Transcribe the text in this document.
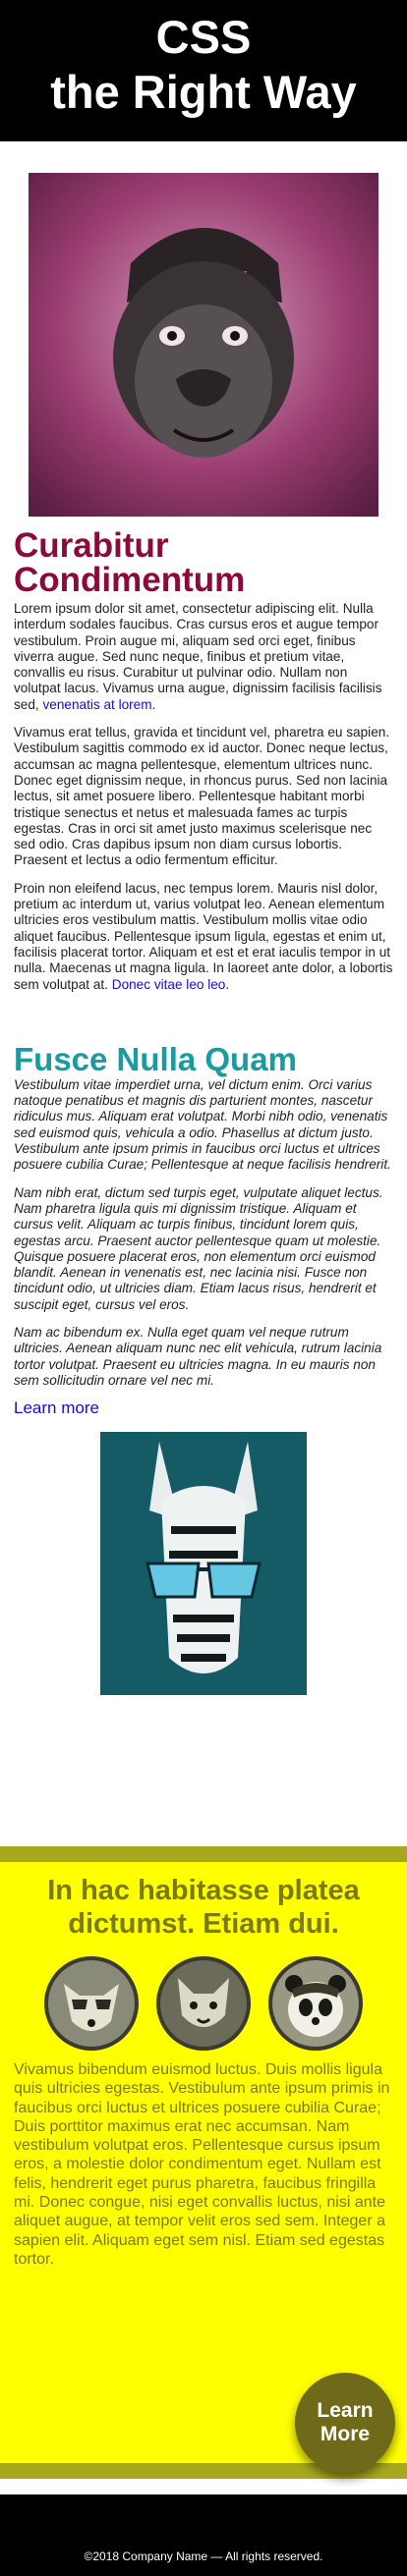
CSS
the Right Way
Curabitur Condimentum

Lorem ipsum dolor sit amet, consectetur adipiscing elit. Nulla interdum sodales faucibus. Cras cursus eros et augue tempor vestibulum. Proin augue mi, aliquam sed orci eget, finibus viverra augue. Sed nunc neque, finibus et pretium vitae, convallis eu risus. Curabitur ut pulvinar odio. Nullam non volutpat lacus. Vivamus urna augue, dignissim facilisis facilisis sed, venenatis at lorem.

Vivamus erat tellus, gravida et tincidunt vel, pharetra eu sapien. Vestibulum sagittis commodo ex id auctor. Donec neque lectus, accumsan ac magna pellentesque, elementum ultrices nunc. Donec eget dignissim neque, in rhoncus purus. Sed non lacinia lectus, sit amet posuere libero. Pellentesque habitant morbi tristique senectus et netus et malesuada fames ac turpis egestas. Cras in orci sit amet justo maximus scelerisque nec sed odio. Cras dapibus ipsum non diam cursus lobortis. Praesent et lectus a odio fermentum efficitur.

Proin non eleifend lacus, nec tempus lorem. Mauris nisl dolor, pretium ac interdum ut, varius volutpat leo. Aenean elementum ultricies eros vestibulum mattis. Vestibulum mollis vitae odio aliquet faucibus. Pellentesque ipsum ligula, egestas et enim ut, facilisis placerat tortor. Aliquam et est et erat iaculis tempor in ut nulla. Maecenas ut magna ligula. In laoreet ante dolor, a lobortis sem volutpat at. Donec vitae leo leo.

Fusce Nulla Quam

Vestibulum vitae imperdiet urna, vel dictum enim. Orci varius natoque penatibus et magnis dis parturient montes, nascetur ridiculus mus. Aliquam erat volutpat. Morbi nibh odio, venenatis sed euismod quis, vehicula a odio. Phasellus at dictum justo. Vestibulum ante ipsum primis in faucibus orci luctus et ultrices posuere cubilia Curae; Pellentesque at neque facilisis hendrerit.

Nam nibh erat, dictum sed turpis eget, vulputate aliquet lectus. Nam pharetra ligula quis mi dignissim tristique. Aliquam et cursus velit. Aliquam ac turpis finibus, tincidunt lorem quis, egestas arcu. Praesent auctor pellentesque quam ut molestie. Quisque posuere placerat eros, non elementum orci euismod blandit. Aenean in venenatis est, nec lacinia nisi. Fusce non tincidunt odio, ut ultricies diam. Etiam lacus risus, hendrerit et suscipit eget, cursus vel eros.

Nam ac bibendum ex. Nulla eget quam vel neque rutrum ultricies. Aenean aliquam nunc nec elit vehicula, rutrum lacinia tortor volutpat. Praesent eu ultricies magna. In eu mauris non sem sollicitudin ornare vel nec mi.

Learn more
In hac habitasse platea dictumst. Etiam dui.

Vivamus bibendum euismod luctus. Duis mollis ligula quis ultricies egestas. Vestibulum ante ipsum primis in faucibus orci luctus et ultrices posuere cubilia Curae; Duis porttitor maximus erat nec accumsan. Nam vestibulum volutpat eros. Pellentesque cursus ipsum eros, a molestie dolor condimentum eget. Nullam est felis, hendrerit eget purus pharetra, faucibus fringilla mi. Donec congue, nisi eget convallis luctus, nisi ante aliquet augue, at tempor velit eros sed sem. Integer a sapien elit. Aliquam eget sem nisl. Etiam sed egestas tortor.

Learn
More
©2018 Company Name — All rights reserved.
